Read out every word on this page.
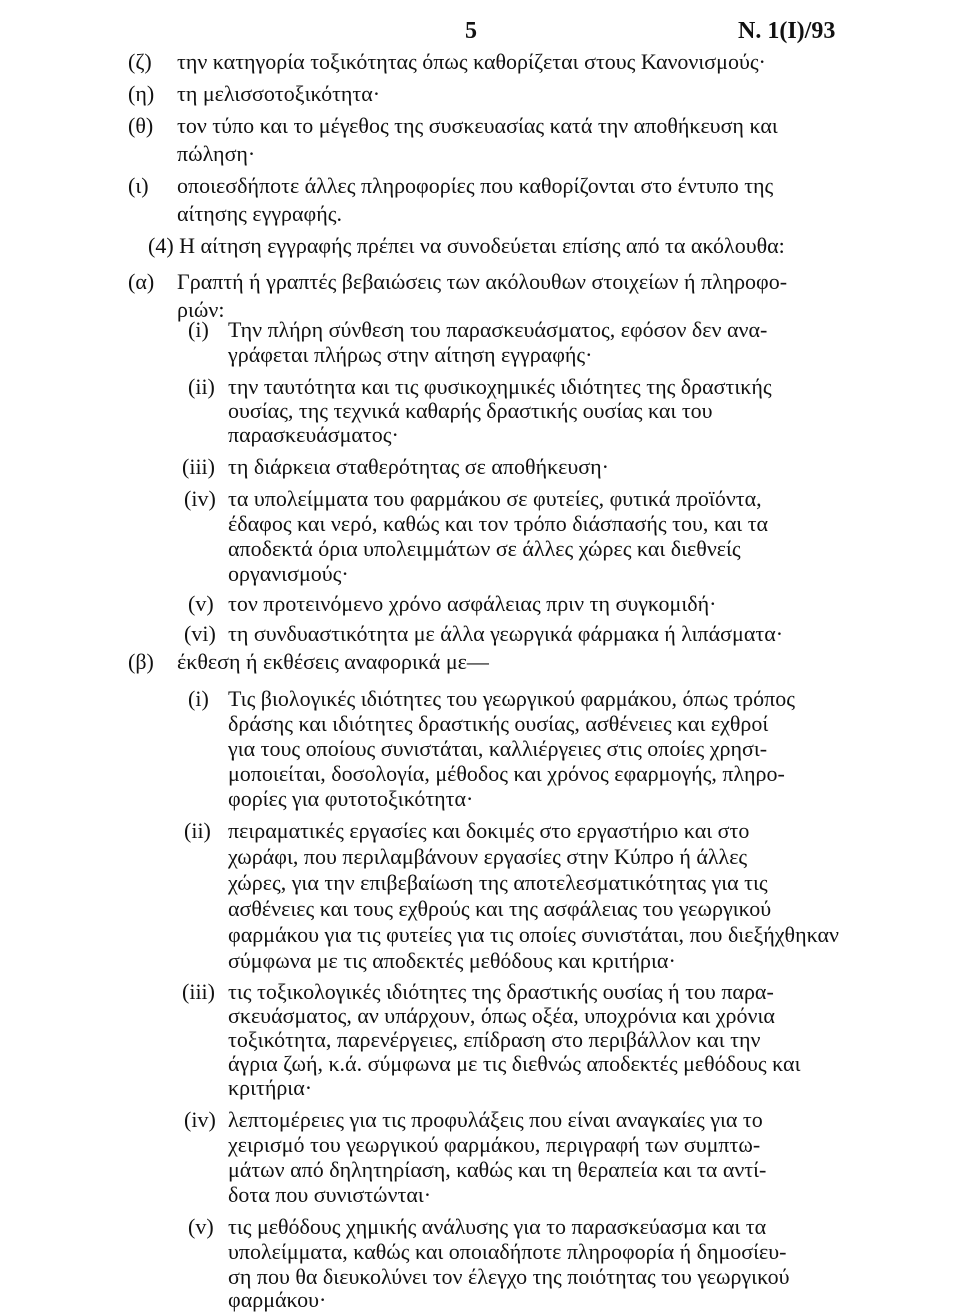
5	Ν. 1(Ι)/93
(ζ) την κατηγορία τοξικότητας όπως καθορίζεται στους Κανονισμούς·
(η) τη μελισσοτοξικότητα·
(θ) τον τύπο και το μέγεθος της συσκευασίας κατά την αποθήκευση και
πώληση·
(ι) οποιεσδήποτε άλλες πληροφορίες που καθορίζονται στο έντυπο της
αίτησης εγγραφής.
(4) Η αίτηση εγγραφής πρέπει να συνοδεύεται επίσης από τα ακόλουθα:
(α) Γραπτή ή γραπτές βεβαιώσεις των ακόλουθων στοιχείων ή πληροφο-
ριών:
(i) Την πλήρη σύνθεση του παρασκευάσματος, εφόσον δεν ανα-
γράφεται πλήρως στην αίτηση εγγραφής·
(ii) την ταυτότητα και τις φυσικοχημικές ιδιότητες της δραστικής
ουσίας, της τεχνικά καθαρής δραστικής ουσίας και του
παρασκευάσματος·
(iii) τη διάρκεια σταθερότητας σε αποθήκευση·
(iv) τα υπολείμματα του φαρμάκου σε φυτείες, φυτικά προϊόντα,
έδαφος και νερό, καθώς και τον τρόπο διάσπασής του, και τα
αποδεκτά όρια υπολειμμάτων σε άλλες χώρες και διεθνείς
οργανισμούς·
(v) τον προτεινόμενο χρόνο ασφάλειας πριν τη συγκομιδή·
(vi) τη συνδυαστικότητα με άλλα γεωργικά φάρμακα ή λιπάσματα·
(β) έκθεση ή εκθέσεις αναφορικά με—
(i) Τις βιολογικές ιδιότητες του γεωργικού φαρμάκου, όπως τρόπος
δράσης και ιδιότητες δραστικής ουσίας, ασθένειες και εχθροί
για τους οποίους συνιστάται, καλλιέργειες στις οποίες χρησι-
μοποιείται, δοσολογία, μέθοδος και χρόνος εφαρμογής, πληρο-
φορίες για φυτοτοξικότητα·
(ii) πειραματικές εργασίες και δοκιμές στο εργαστήριο και στο
χωράφι, που περιλαμβάνουν εργασίες στην Κύπρο ή άλλες
χώρες, για την επιβεβαίωση της αποτελεσματικότητας για τις
ασθένειες και τους εχθρούς και της ασφάλειας του γεωργικού
φαρμάκου για τις φυτείες για τις οποίες συνιστάται, που διεξήχθηκαν
σύμφωνα με τις αποδεκτές μεθόδους και κριτήρια·
(iii) τις τοξικολογικές ιδιότητες της δραστικής ουσίας ή του παρα-
σκευάσματος, αν υπάρχουν, όπως οξέα, υποχρόνια και χρόνια
τοξικότητα, παρενέργειες, επίδραση στο περιβάλλον και την
άγρια ζωή, κ.ά. σύμφωνα με τις διεθνώς αποδεκτές μεθόδους και
κριτήρια·
(iv) λεπτομέρειες για τις προφυλάξεις που είναι αναγκαίες για το
χειρισμό του γεωργικού φαρμάκου, περιγραφή των συμπτω-
μάτων από δηλητηρίαση, καθώς και τη θεραπεία και τα αντί-
δοτα που συνιστώνται·
(v) τις μεθόδους χημικής ανάλυσης για το παρασκεύασμα και τα
υπολείμματα, καθώς και οποιαδήποτε πληροφορία ή δημοσίευ-
ση που θα διευκολύνει τον έλεγχο της ποιότητας του γεωργικού
φαρμάκου·
